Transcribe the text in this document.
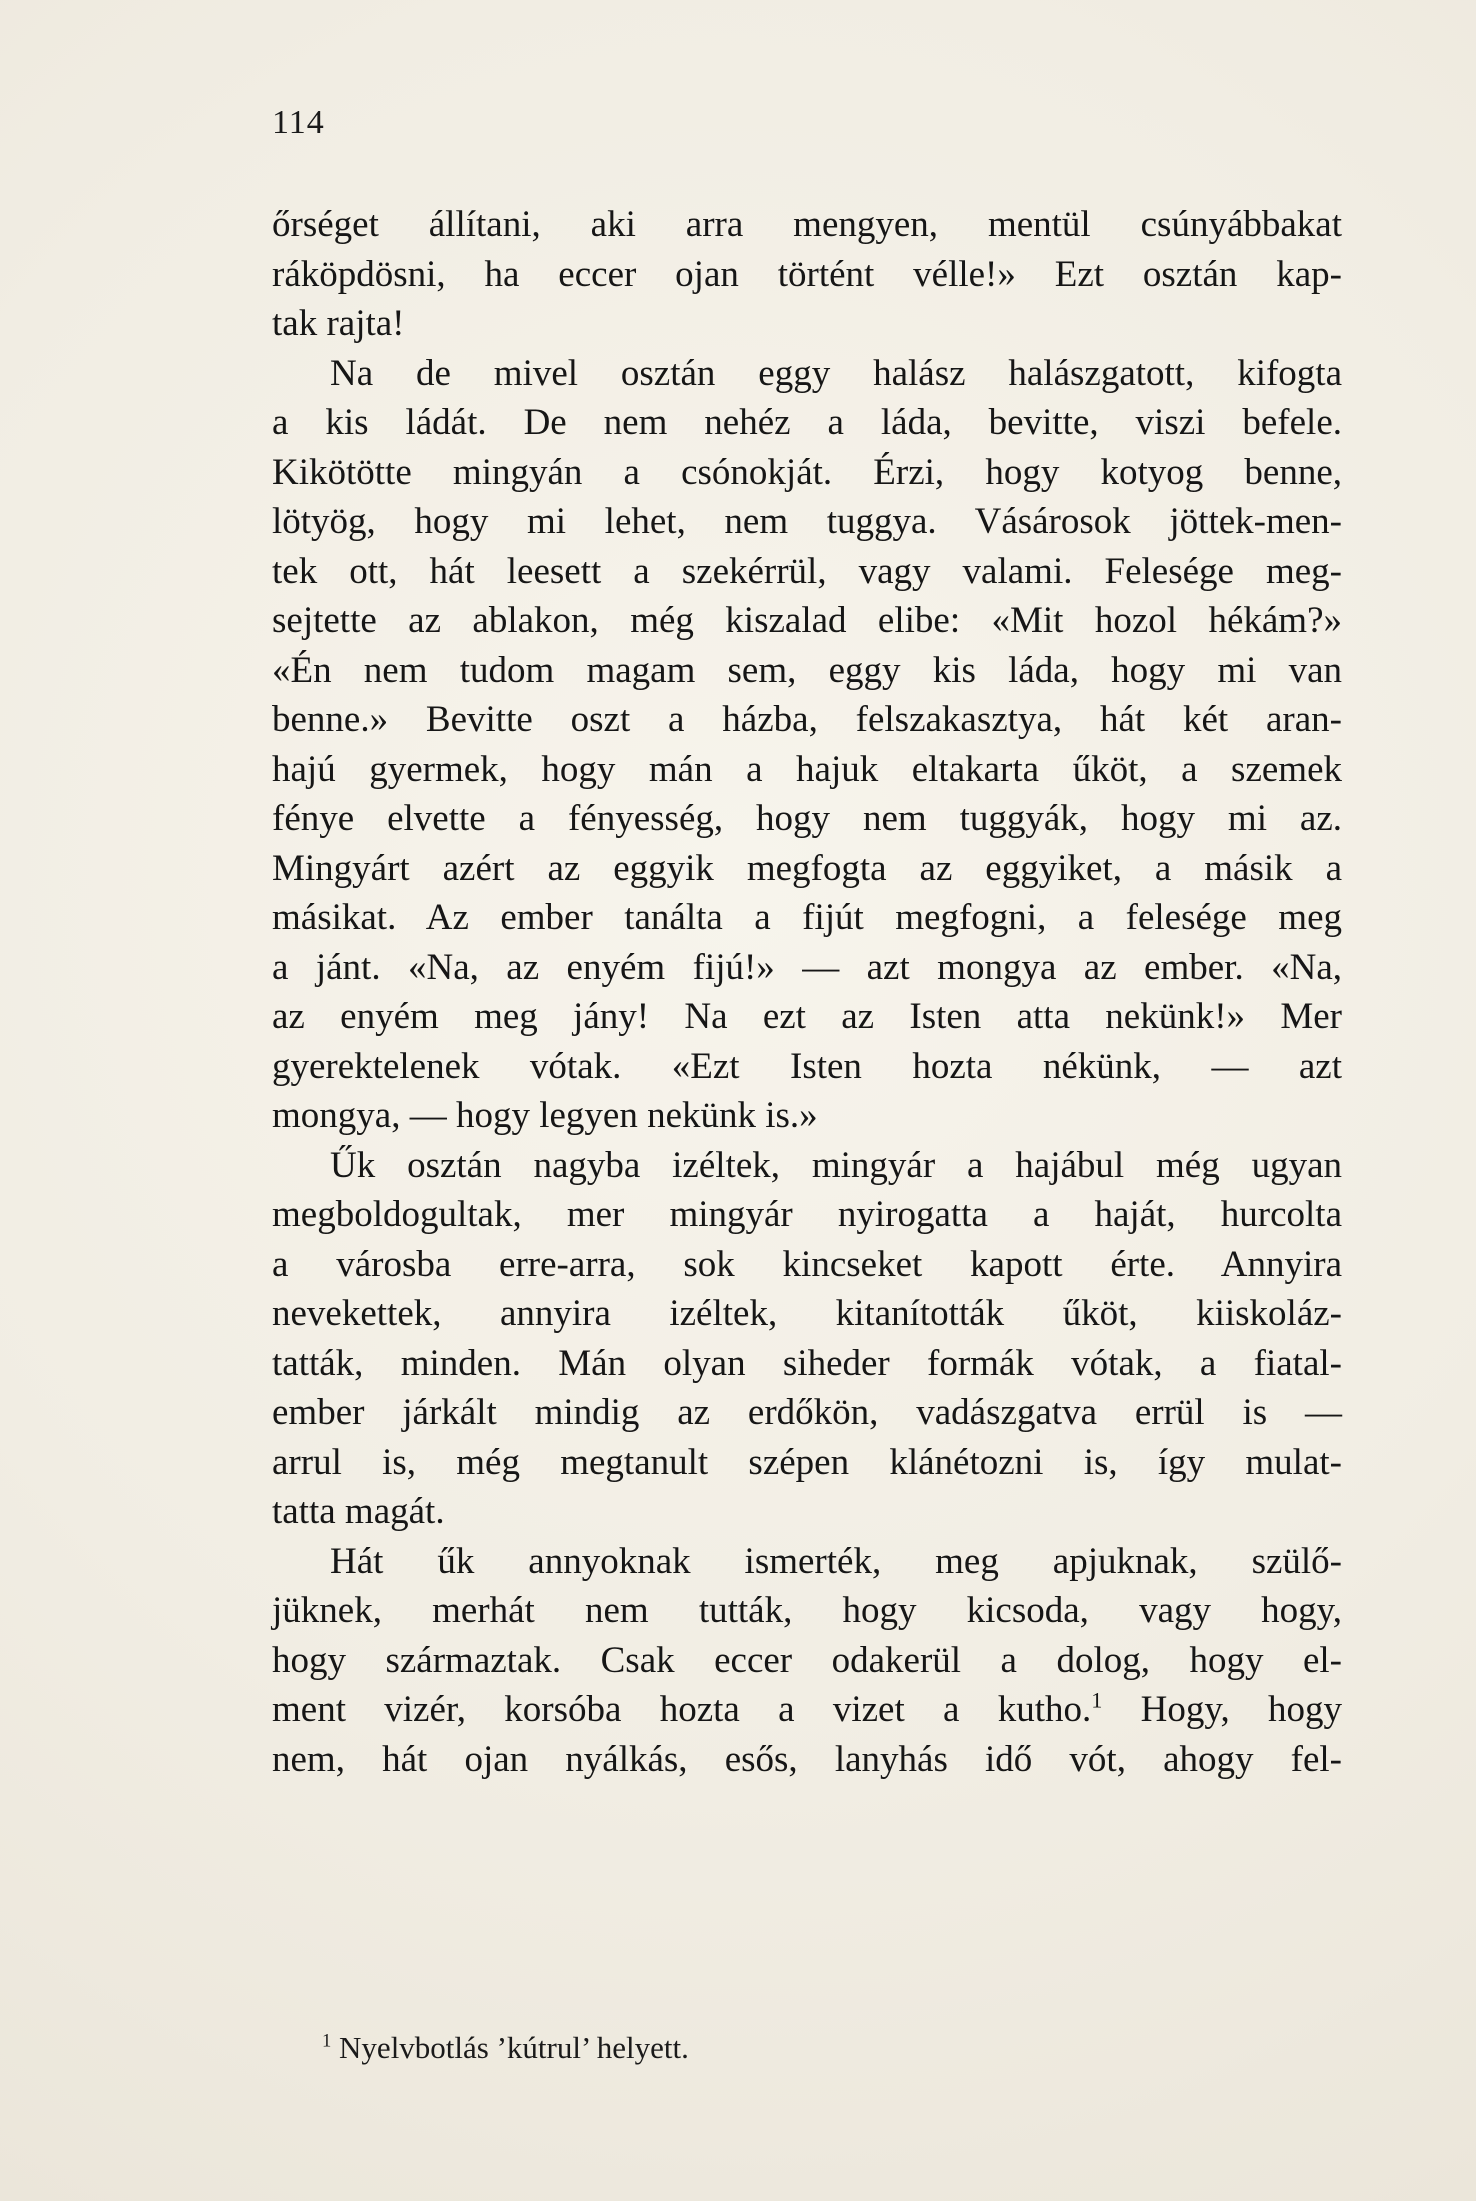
114
őrséget állítani, aki arra mengyen, mentül csúnyábbakat
ráköpdösni, ha eccer ojan történt vélle!» Ezt osztán kap-
tak rajta!
Na de mivel osztán eggy halász halászgatott, kifogta
a kis ládát. De nem nehéz a láda, bevitte, viszi befele.
Kikötötte mingyán a csónokját. Érzi, hogy kotyog benne,
lötyög, hogy mi lehet, nem tuggya. Vásárosok jöttek-men-
tek ott, hát leesett a szekérrül, vagy valami. Felesége meg-
sejtette az ablakon, még kiszalad elibe: «Mit hozol hékám?»
«Én nem tudom magam sem, eggy kis láda, hogy mi van
benne.» Bevitte oszt a házba, felszakasztya, hát két aran-
hajú gyermek, hogy mán a hajuk eltakarta űköt, a szemek
fénye elvette a fényesség, hogy nem tuggyák, hogy mi az.
Mingyárt azért az eggyik megfogta az eggyiket, a másik a
másikat. Az ember tanálta a fijút megfogni, a felesége meg
a jánt. «Na, az enyém fijú!» — azt mongya az ember. «Na,
az enyém meg jány! Na ezt az Isten atta nekünk!» Mer
gyerektelenek vótak. «Ezt Isten hozta nékünk, — azt
mongya, — hogy legyen nekünk is.»
Űk osztán nagyba izéltek, mingyár a hajábul még ugyan
megboldogultak, mer mingyár nyirogatta a haját, hurcolta
a városba erre-arra, sok kincseket kapott érte. Annyira
nevekettek, annyira izéltek, kitanították űköt, kiiskoláz-
tatták, minden. Mán olyan siheder formák vótak, a fiatal-
ember járkált mindig az erdőkön, vadászgatva errül is —
arrul is, még megtanult szépen klánétozni is, így mulat-
tatta magát.
Hát űk annyoknak ismerték, meg apjuknak, szülő-
jüknek, merhát nem tutták, hogy kicsoda, vagy hogy,
hogy származtak. Csak eccer odakerül a dolog, hogy el-
ment vizér, korsóba hozta a vizet a kutho.$^1$ Hogy, hogy
nem, hát ojan nyálkás, esős, lanyhás idő vót, ahogy fel-
$^1$ Nyelvbotlás ’kútrul’ helyett.
